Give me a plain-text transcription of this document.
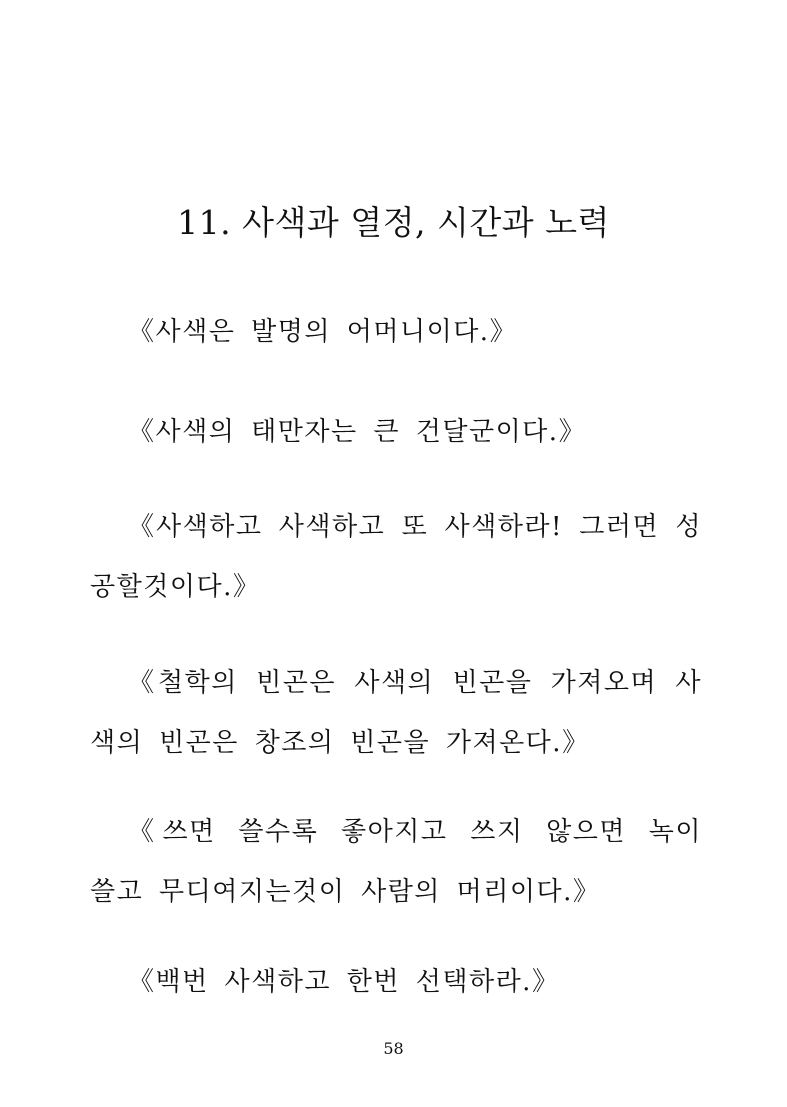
11. 사색과 열정, 시간과 노력
《사색은 발명의 어머니이다.》
《사색의 태만자는 큰 건달군이다.》
《사색하고 사색하고 또 사색하라! 그러면 성공할것이다.》
《철학의 빈곤은 사색의 빈곤을 가져오며 사색의 빈곤은 창조의 빈곤을 가져온다.》
《쓰면 쓸수록 좋아지고 쓰지 않으면 녹이 쓸고 무디여지는것이 사람의 머리이다.》
《백번 사색하고 한번 선택하라.》
58
